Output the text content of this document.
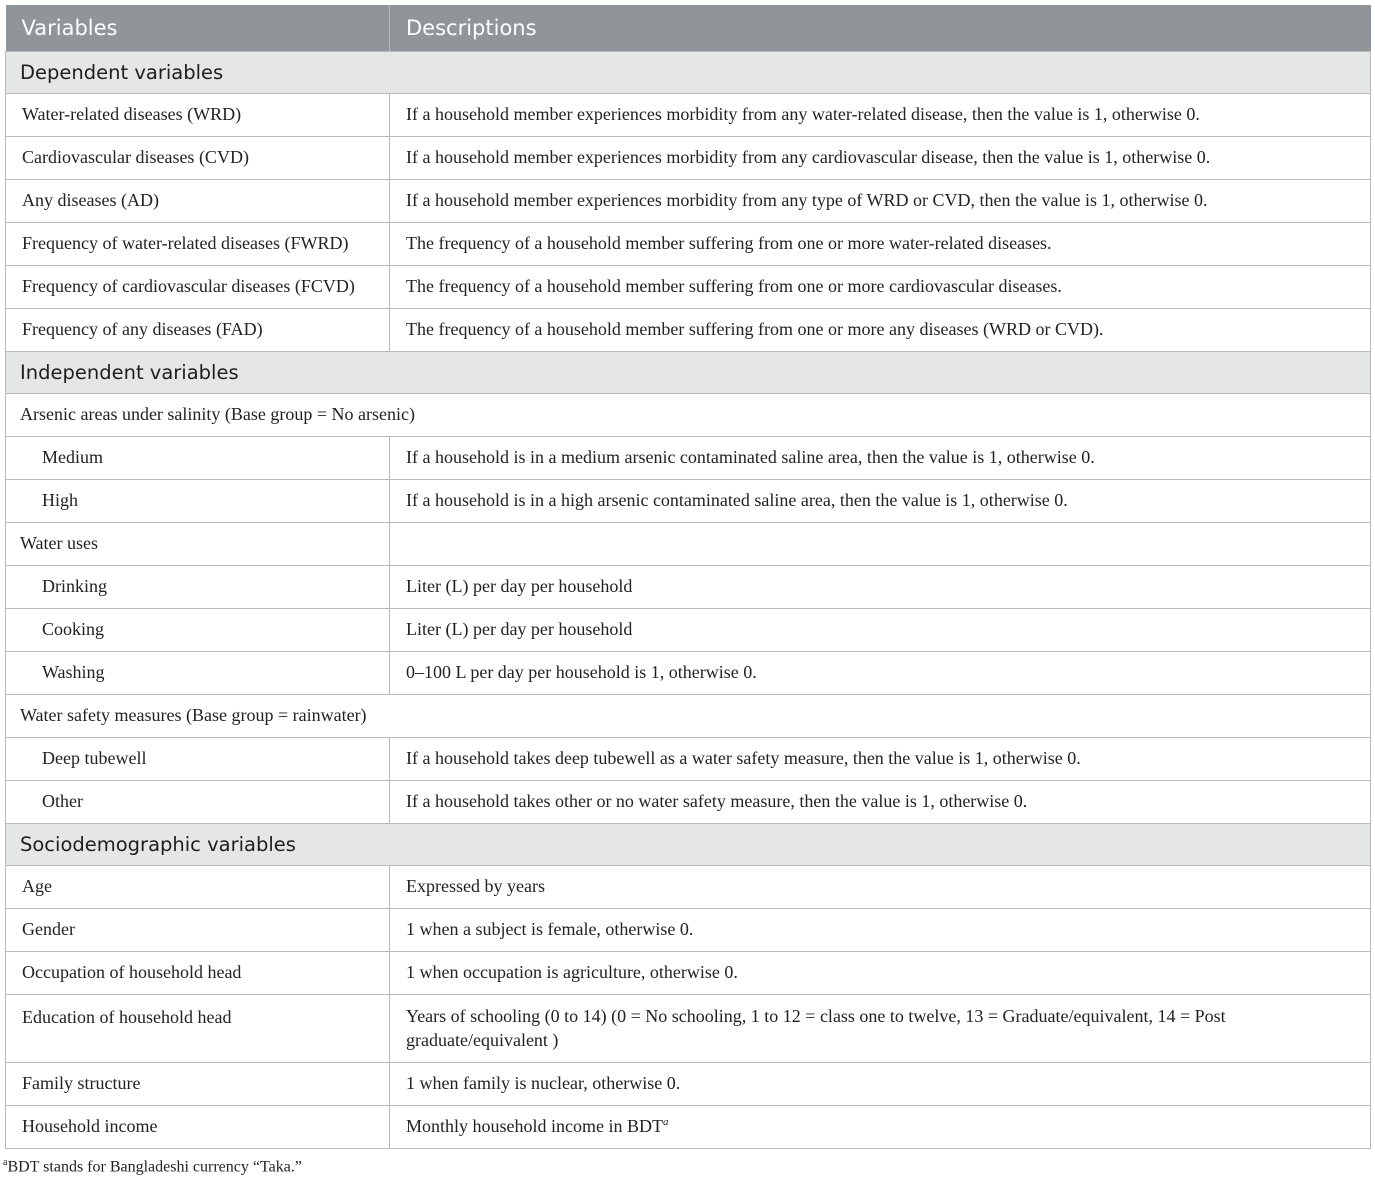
Variables	Descriptions
Dependent variables	
Water-related diseases (WRD)	If a household member experiences morbidity from any water-related disease, then the value is 1, otherwise 0.
Cardiovascular diseases (CVD)	If a household member experiences morbidity from any cardiovascular disease, then the value is 1, otherwise 0.
Any diseases (AD)	If a household member experiences morbidity from any type of WRD or CVD, then the value is 1, otherwise 0.
Frequency of water-related diseases (FWRD)	The frequency of a household member suffering from one or more water-related diseases.
Frequency of cardiovascular diseases (FCVD)	The frequency of a household member suffering from one or more cardiovascular diseases.
Frequency of any diseases (FAD)	The frequency of a household member suffering from one or more any diseases (WRD or CVD).
Independent variables	
Arsenic areas under salinity (Base group = No arsenic)	
Medium	If a household is in a medium arsenic contaminated saline area, then the value is 1, otherwise 0.
High	If a household is in a high arsenic contaminated saline area, then the value is 1, otherwise 0.
Water uses	
Drinking	Liter (L) per day per household
Cooking	Liter (L) per day per household
Washing	0–100 L per day per household is 1, otherwise 0.
Water safety measures (Base group = rainwater)	
Deep tubewell	If a household takes deep tubewell as a water safety measure, then the value is 1, otherwise 0.
Other	If a household takes other or no water safety measure, then the value is 1, otherwise 0.
Sociodemographic variables	
Age	Expressed by years
Gender	1 when a subject is female, otherwise 0.
Occupation of household head	1 when occupation is agriculture, otherwise 0.
Education of household head	Years of schooling (0 to 14) (0 = No schooling, 1 to 12 = class one to twelve, 13 = Graduate/equivalent, 14 = Post graduate/equivalent )
Family structure	1 when family is nuclear, otherwise 0.
Household income	Monthly household income in BDT$^a$
$^a$BDT stands for Bangladeshi currency “Taka.”
